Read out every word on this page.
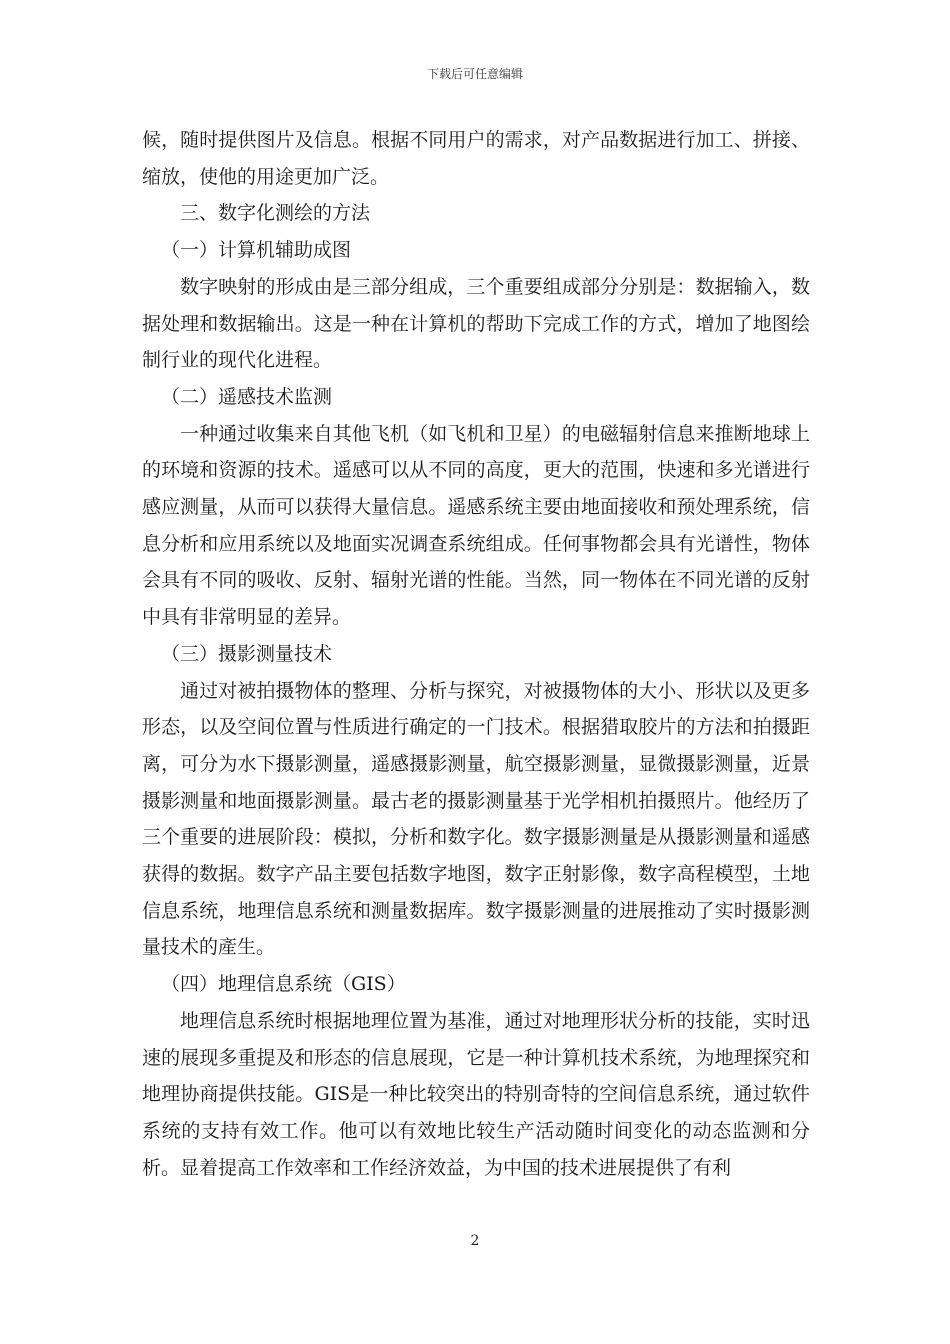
下载后可任意编辑

候，随时提供图片及信息。根据不同用户的需求，对产品数据进行加工、拼接、缩放，使他的用途更加广泛。

三、数字化测绘的方法

（一）计算机辅助成图

数字映射的形成由是三部分组成，三个重要组成部分分别是：数据输入，数据处理和数据输出。这是一种在计算机的帮助下完成工作的方式，增加了地图绘制行业的现代化进程。

（二）遥感技术监测

一种通过收集来自其他飞机（如飞机和卫星）的电磁辐射信息来推断地球上的环境和资源的技术。遥感可以从不同的高度，更大的范围，快速和多光谱进行感应测量，从而可以获得大量信息。遥感系统主要由地面接收和预处理系统，信息分析和应用系统以及地面实况调查系统组成。任何事物都会具有光谱性，物体会具有不同的吸收、反射、辐射光谱的性能。当然，同一物体在不同光谱的反射中具有非常明显的差异。

（三）摄影测量技术

通过对被拍摄物体的整理、分析与探究，对被摄物体的大小、形状以及更多形态，以及空间位置与性质进行确定的一门技术。根据猎取胶片的方法和拍摄距离，可分为水下摄影测量，遥感摄影测量，航空摄影测量，显微摄影测量，近景摄影测量和地面摄影测量。最古老的摄影测量基于光学相机拍摄照片。他经历了三个重要的进展阶段：模拟，分析和数字化。数字摄影测量是从摄影测量和遥感获得的数据。数字产品主要包括数字地图，数字正射影像，数字高程模型，土地信息系统，地理信息系统和测量数据库。数字摄影测量的进展推动了实时摄影测量技术的產生。

（四）地理信息系统（GIS）

地理信息系统时根据地理位置为基准，通过对地理形状分析的技能，实时迅速的展现多重提及和形态的信息展现，它是一种计算机技术系统，为地理探究和地理协商提供技能。GIS是一种比较突出的特别奇特的空间信息系统，通过软件系统的支持有效工作。他可以有效地比较生产活动随时间变化的动态监测和分析。显着提高工作效率和工作经济效益，为中国的技术进展提供了有利

2
